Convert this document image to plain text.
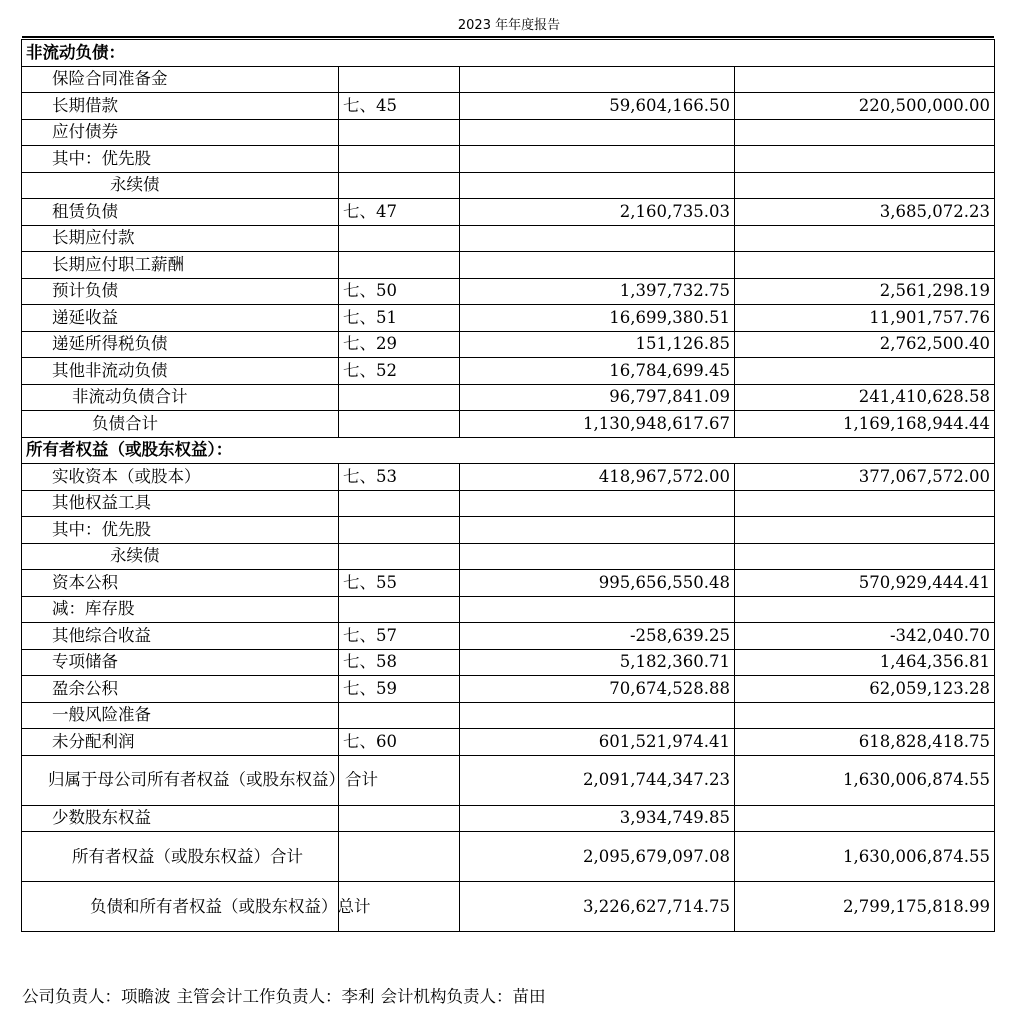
2023 年年度报告
非流动负债：			
保险合同准备金			
长期借款	七、45	59,604,166.50	220,500,000.00
应付债券			
其中：优先股			
永续债			
租赁负债	七、47	2,160,735.03	3,685,072.23
长期应付款			
长期应付职工薪酬			
预计负债	七、50	1,397,732.75	2,561,298.19
递延收益	七、51	16,699,380.51	11,901,757.76
递延所得税负债	七、29	151,126.85	2,762,500.40
其他非流动负债	七、52	16,784,699.45	
非流动负债合计		96,797,841.09	241,410,628.58
负债合计		1,130,948,617.67	1,169,168,944.44
所有者权益（或股东权益）：			
实收资本（或股本）	七、53	418,967,572.00	377,067,572.00
其他权益工具			
其中：优先股			
永续债			
资本公积	七、55	995,656,550.48	570,929,444.41
减：库存股			
其他综合收益	七、57	-258,639.25	-342,040.70
专项储备	七、58	5,182,360.71	1,464,356.81
盈余公积	七、59	70,674,528.88	62,059,123.28
一般风险准备			
未分配利润	七、60	601,521,974.41	618,828,418.75

归属于母公司所有者权益（或股东权益）合计		2,091,744,347.23	1,630,006,874.55
少数股东权益		3,934,749.85	

所有者权益（或股东权益）合计		2,095,679,097.08	1,630,006,874.55

负债和所有者权益（或股东权益）总计		3,226,627,714.75	2,799,175,818.99
公司负责人：项瞻波 主管会计工作负责人：李利 会计机构负责人：苗田
